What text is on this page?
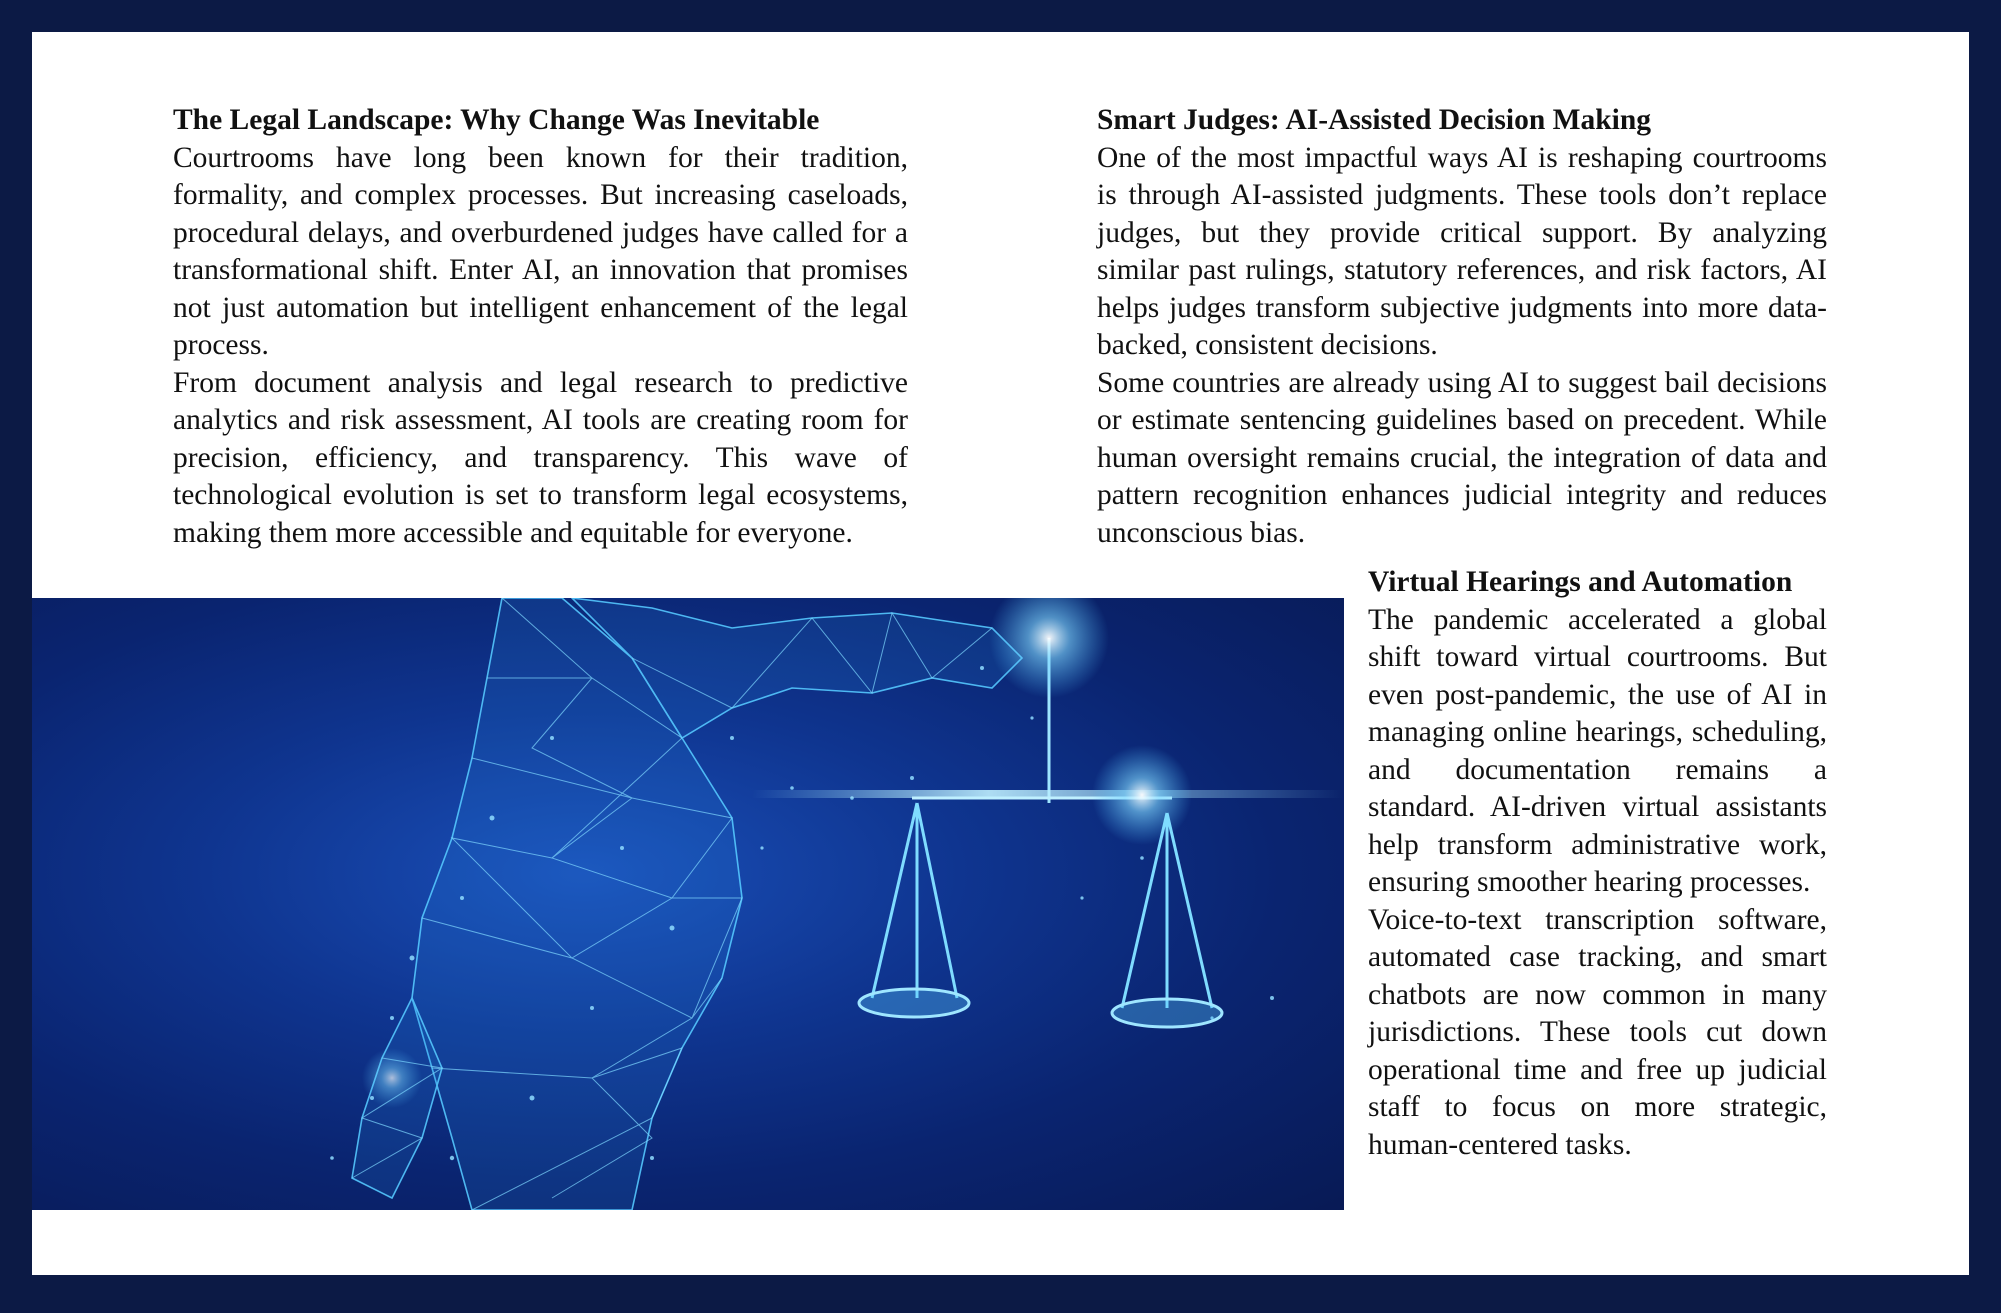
The Legal Landscape: Why Change Was Inevitable

Courtrooms have long been known for their tradition, formality, and complex processes. But increasing caseloads, procedural delays, and overburdened judges have called for a transformational shift. Enter AI, an innovation that promises not just automation but intelligent enhancement of the legal process.

From document analysis and legal research to predictive analytics and risk assessment, AI tools are creating room for precision, efficiency, and transparency. This wave of technological evolution is set to transform legal ecosystems, making them more accessible and equitable for everyone.

Smart Judges: AI-Assisted Decision Making

One of the most impactful ways AI is reshaping courtrooms is through AI-assisted judgments. These tools don’t replace judges, but they provide critical support. By analyzing similar past rulings, statutory references, and risk factors, AI helps judges transform subjective judgments into more data-backed, consistent decisions.

Some countries are already using AI to suggest bail decisions or estimate sentencing guidelines based on precedent. While human oversight remains crucial, the integration of data and pattern recognition enhances judicial integrity and reduces unconscious bias.

Virtual Hearings and Automation

The pandemic accelerated a global shift toward virtual courtrooms. But even post-pandemic, the use of AI in managing online hearings, scheduling, and documentation remains a standard. AI-driven virtual assistants help transform administrative work, ensuring smoother hearing processes.

Voice-to-text transcription software, automated case tracking, and smart chatbots are now common in many jurisdictions. These tools cut down operational time and free up judicial staff to focus on more strategic, human-centered tasks.
